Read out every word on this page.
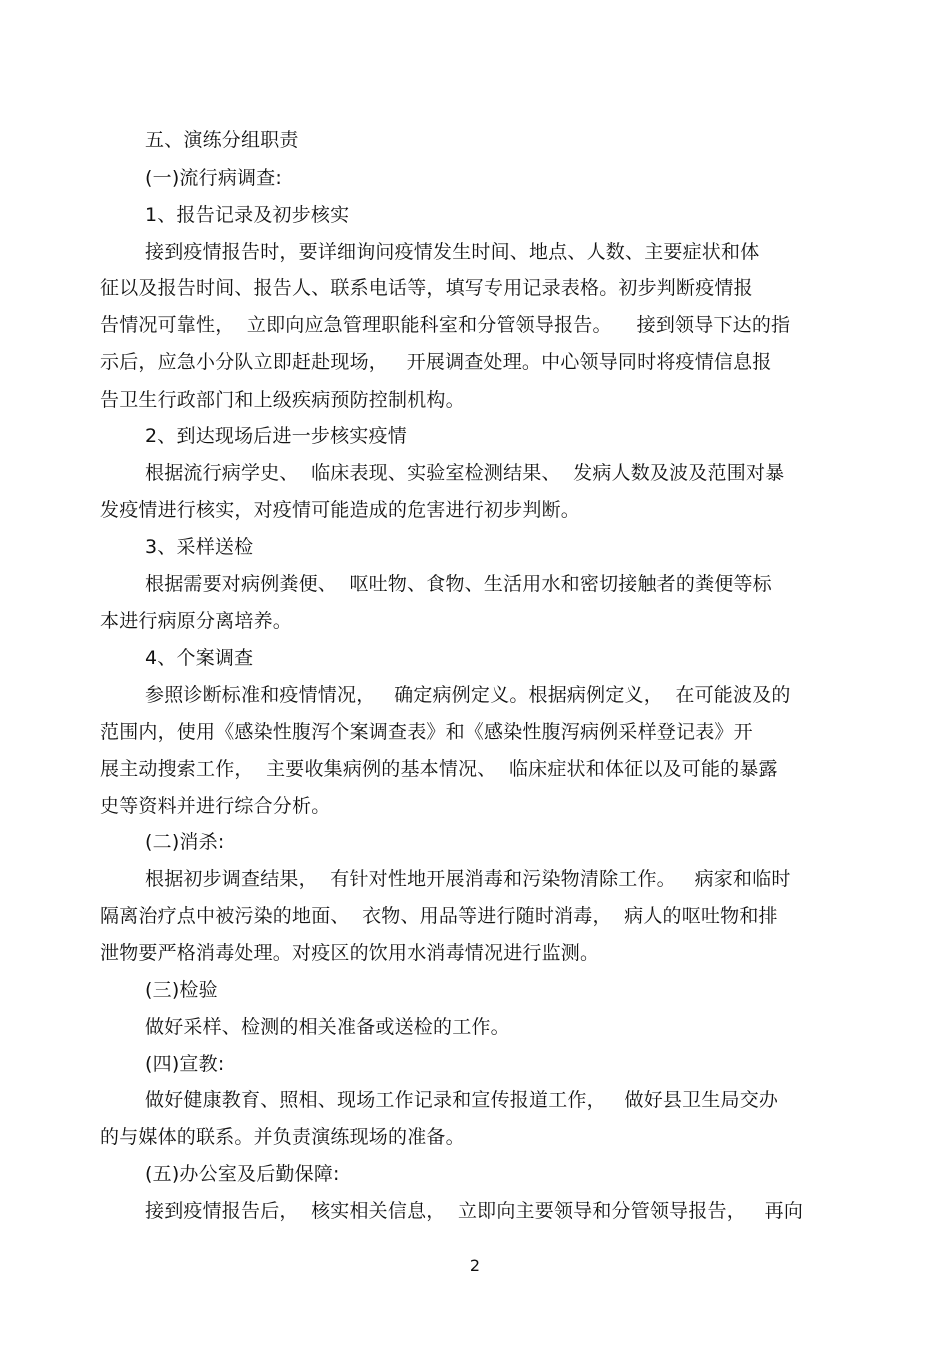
五、演练分组职责
(一)流行病调查:
1、报告记录及初步核实
接到疫情报告时，要详细询问疫情发生时间、地点、人数、主要症状和体
征以及报告时间、报告人、联系电话等，填写专用记录表格。初步判断疫情报
告情况可靠性，  立即向应急管理职能科室和分管领导报告。    接到领导下达的指
示后，应急小分队立即赶赴现场，   开展调查处理。中心领导同时将疫情信息报
告卫生行政部门和上级疾病预防控制机构。
2、到达现场后进一步核实疫情
根据流行病学史、  临床表现、实验室检测结果、  发病人数及波及范围对暴
发疫情进行核实，对疫情可能造成的危害进行初步判断。
3、采样送检
根据需要对病例粪便、  呕吐物、食物、生活用水和密切接触者的粪便等标
本进行病原分离培养。
4、个案调查
参照诊断标准和疫情情况，   确定病例定义。根据病例定义，  在可能波及的
范围内，使用《感染性腹泻个案调查表》和《感染性腹泻病例采样登记表》开
展主动搜索工作，  主要收集病例的基本情况、  临床症状和体征以及可能的暴露
史等资料并进行综合分析。
(二)消杀:
根据初步调查结果，  有针对性地开展消毒和污染物清除工作。   病家和临时
隔离治疗点中被污染的地面、  衣物、用品等进行随时消毒，  病人的呕吐物和排
泄物要严格消毒处理。对疫区的饮用水消毒情况进行监测。
(三)检验
做好采样、检测的相关准备或送检的工作。
(四)宣教:
做好健康教育、照相、现场工作记录和宣传报道工作，   做好县卫生局交办
的与媒体的联系。并负责演练现场的准备。
(五)办公室及后勤保障:
接到疫情报告后，  核实相关信息，  立即向主要领导和分管领导报告，   再向
2
